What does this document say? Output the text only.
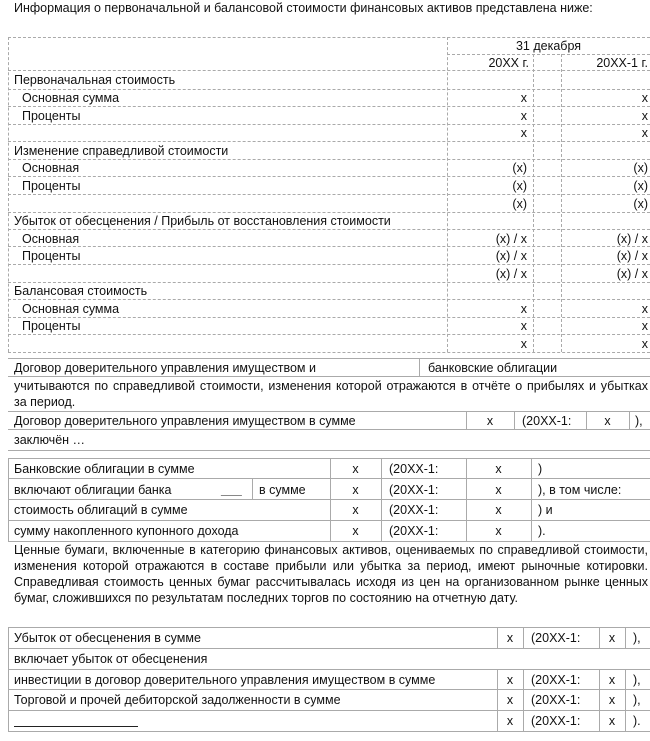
Информация о первоначальной и балансовой стоимости финансовых активов представлена ниже:
31 декабря
20ХХ г.	20ХХ-1 г.
Первоначальная стоимость
Основная сумма	x	x
Проценты	x	x
x	x
Изменение справедливой стоимости
Основная	(x)	(x)
Проценты	(x)	(x)
(x)	(x)
Убыток от обесценения / Прибыль от восстановления стоимости
Основная	(x) / x	(x) / x
Проценты	(x) / x	(x) / x
(x) / x	(x) / x
Балансовая стоимость
Основная сумма	x	x
Проценты	x	x
x	x
Договор доверительного управления имуществом и	банковские облигации
учитываются по справедливой стоимости, изменения которой отражаются в отчёте о прибылях и убытках за период.
Договор доверительного управления имуществом в сумме	x	(20ХХ-1:	x	),
заключён …
Банковские облигации в сумме	x	(20ХХ-1:	x	)
включают облигации банка	___ в сумме	x	(20ХХ-1:	x	), в том числе:
стоимость облигаций в сумме	x	(20ХХ-1:	x	) и
сумму накопленного купонного дохода	x	(20ХХ-1:	x	).
Ценные бумаги, включенные в категорию финансовых активов, оцениваемых по справедливой стоимости, изменения которой отражаются в составе прибыли или убытка за период, имеют рыночные котировки. Справедливая стоимость ценных бумаг рассчитывалась исходя из цен на организованном рынке ценных бумаг, сложившихся по результатам последних торгов по состоянию на отчетную дату.
Убыток от обесценения в сумме	x	(20ХХ-1:	x	),
включает убыток от обесценения
инвестиции в договор доверительного управления имуществом в сумме	x	(20ХХ-1:	x	),
Торговой и прочей дебиторской задолженности в сумме	x	(20ХХ-1:	x	),
x	(20ХХ-1:	x	).
